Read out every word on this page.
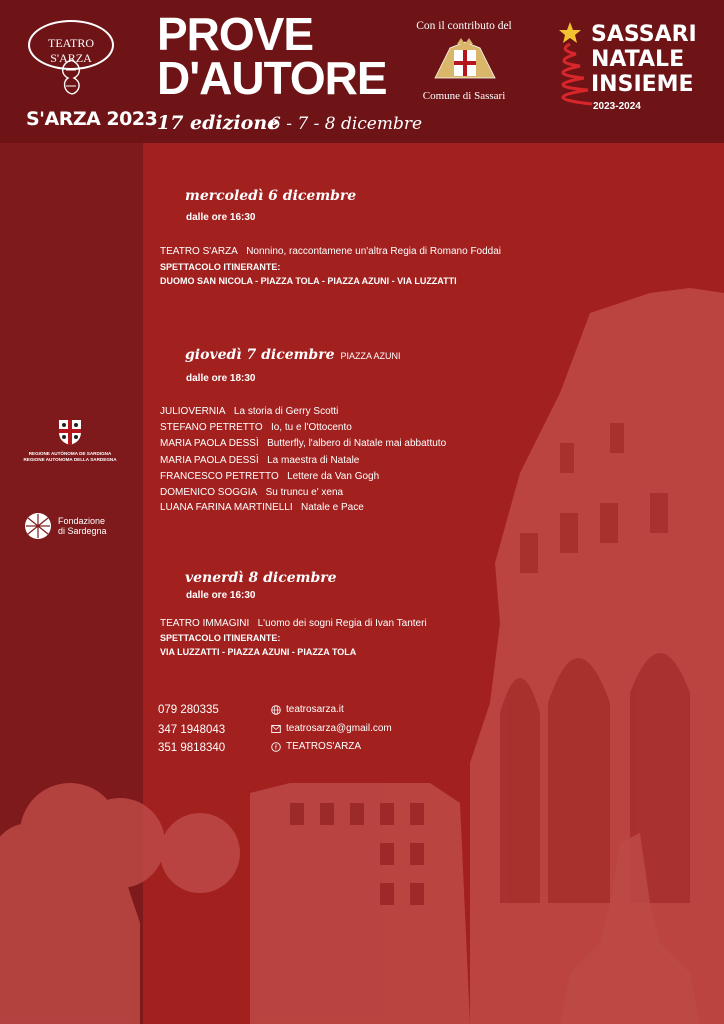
TEATRO S'ARZA
S'ARZA 2023
PROVE
D'AUTORE
17 edizione
6 - 7 - 8 dicembre
Con il contributo del
Comune di Sassari
SASSARI
NATALE
INSIEME
2023-2024
REGIONE AUTÒNOMA DE SARDIGNA
REGIONE AUTONOMA DELLA SARDEGNA
Fondazione
di Sardegna
mercoledì 6 dicembre
dalle ore 16:30
TEATRO S'ARZA Nonnino, raccontamene un'altra Regia di Romano Foddai
SPETTACOLO ITINERANTE:
DUOMO SAN NICOLA - PIAZZA TOLA - PIAZZA AZUNI - VIA LUZZATTI
giovedì 7 dicembre PIAZZA AZUNI
dalle ore 18:30
JULIOVERNIA La storia di Gerry Scotti
STEFANO PETRETTO Io, tu e l'Ottocento
MARIA PAOLA DESSÌ Butterfly, l'albero di Natale mai abbattuto
MARIA PAOLA DESSÌ La maestra di Natale
FRANCESCO PETRETTO Lettere da Van Gogh
DOMENICO SOGGIA Su truncu e' xena
LUANA FARINA MARTINELLI Natale e Pace
venerdì 8 dicembre
dalle ore 16:30
TEATRO IMMAGINI L'uomo dei sogni Regia di Ivan Tanteri
SPETTACOLO ITINERANTE:
VIA LUZZATTI - PIAZZA AZUNI - PIAZZA TOLA
079 280335
347 1948043
351 9818340
teatrosarza.it
teatrosarza@gmail.com
f TEATROS'ARZA
